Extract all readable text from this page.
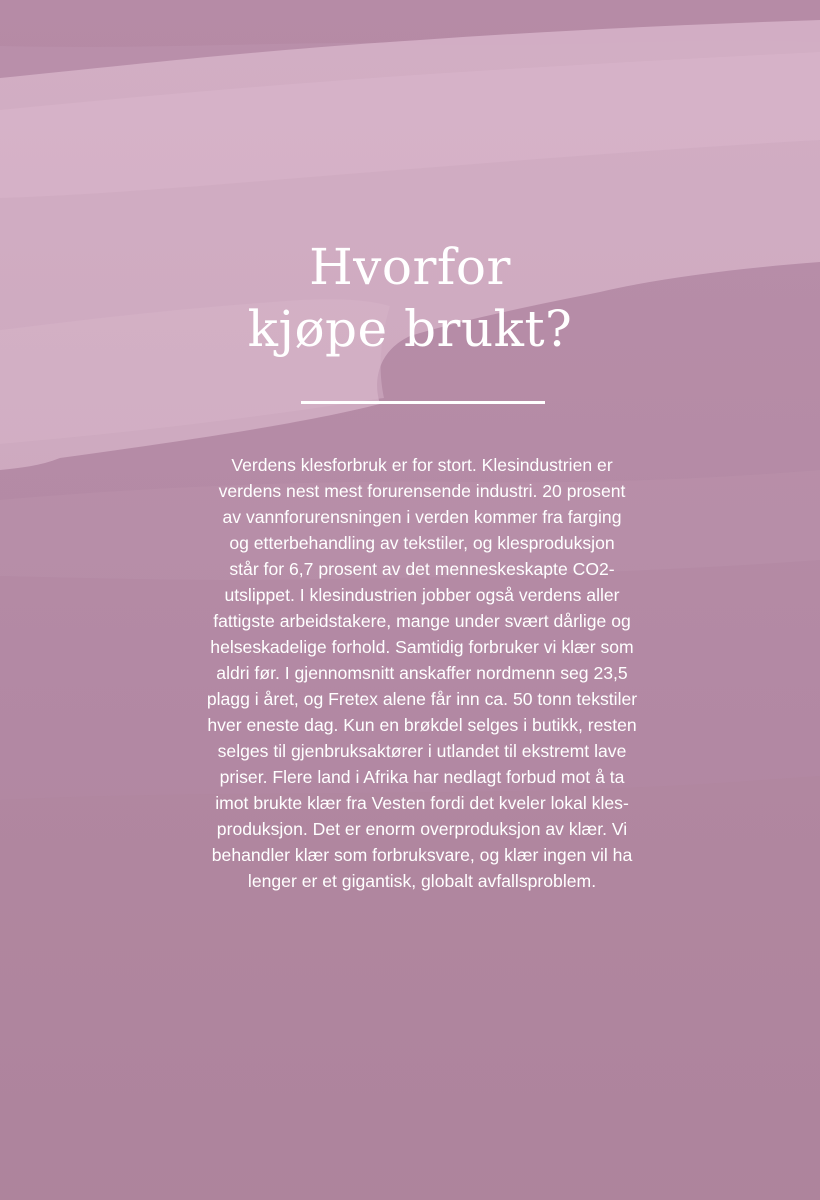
Hvorfor
kjøpe brukt?

Verdens klesforbruk er for stort. Klesindustrien er
verdens nest mest forurensende industri. 20 prosent
av vannforurensningen i verden kommer fra farging
og etterbehandling av tekstiler, og klesproduksjon
står for 6,7 prosent av det menneskeskapte CO2-
utslippet. I klesindustrien jobber også verdens aller
fattigste arbeidstakere, mange under svært dårlige og
helseskadelige forhold. Samtidig forbruker vi klær som
aldri før. I gjennomsnitt anskaffer nordmenn seg 23,5
plagg i året, og Fretex alene får inn ca. 50 tonn tekstiler
hver eneste dag. Kun en brøkdel selges i butikk, resten
selges til gjenbruksaktører i utlandet til ekstremt lave
priser. Flere land i Afrika har nedlagt forbud mot å ta
imot brukte klær fra Vesten fordi det kveler lokal kles-
produksjon. Det er enorm overproduksjon av klær. Vi
behandler klær som forbruksvare, og klær ingen vil ha
lenger er et gigantisk, globalt avfallsproblem.
